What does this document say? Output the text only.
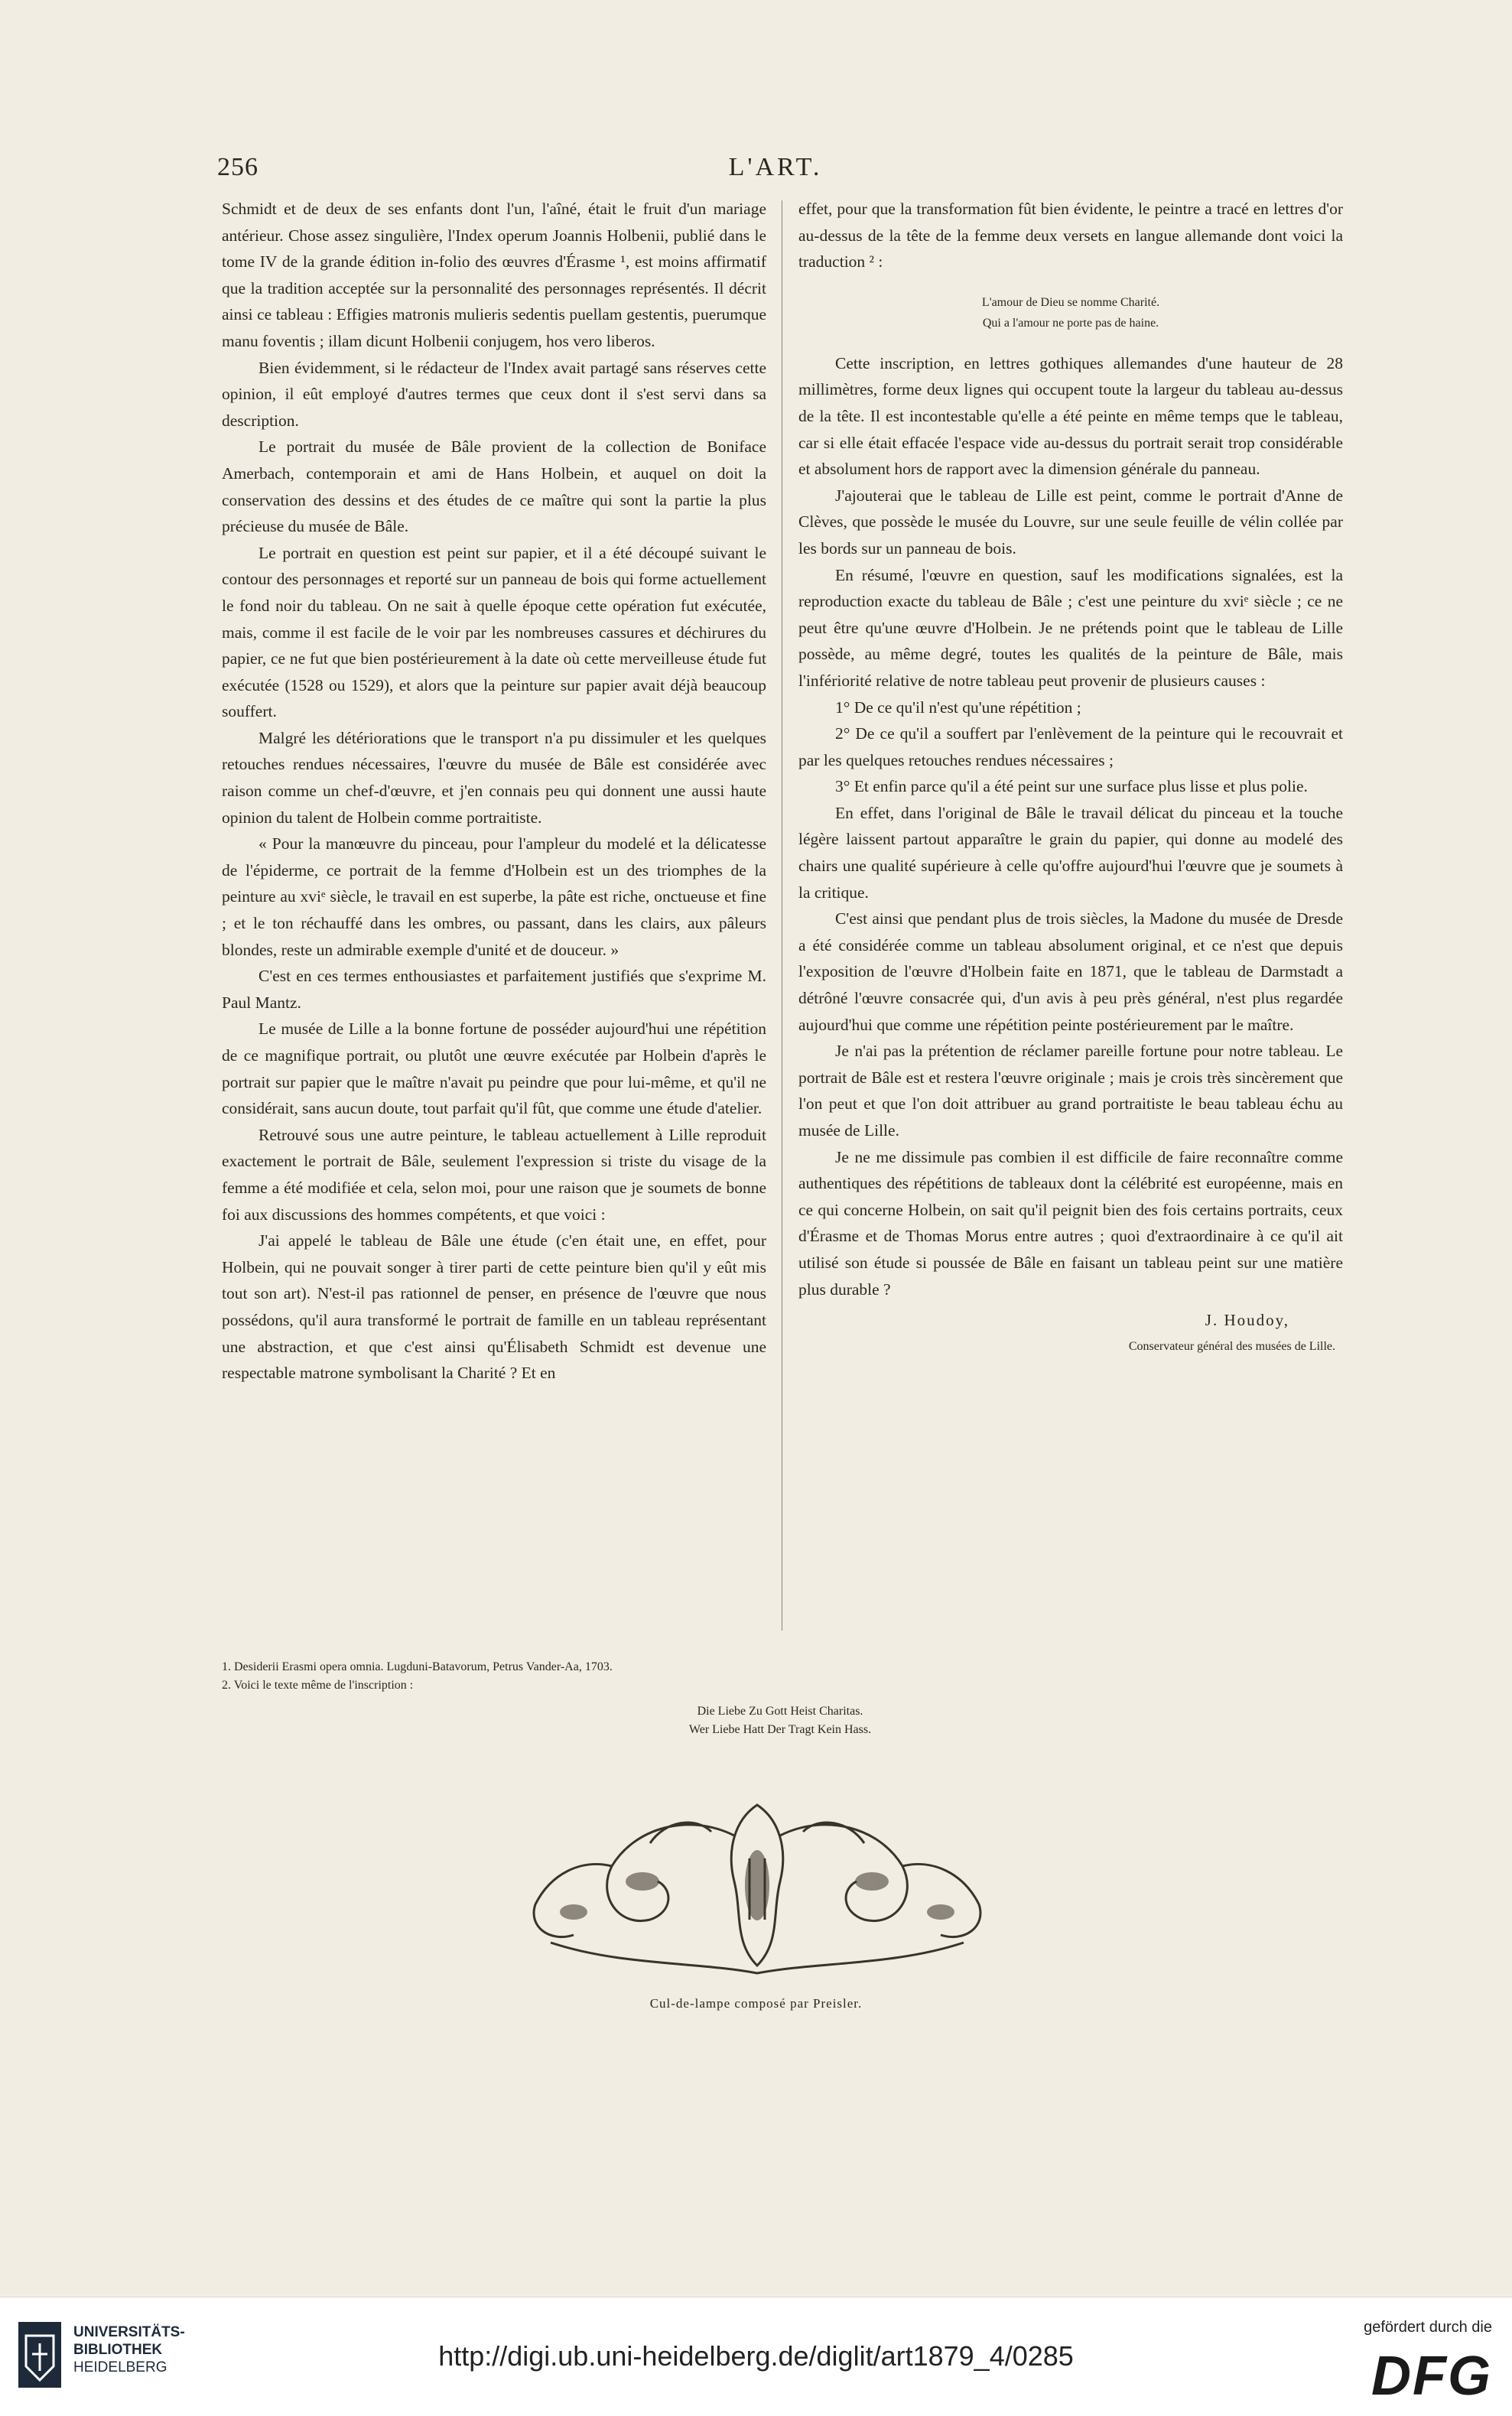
256	L'ART.

Schmidt et de deux de ses enfants dont l'un, l'aîné, était le fruit d'un mariage antérieur. Chose assez singulière, l'Index operum Joannis Holbenii, publié dans le tome IV de la grande édition in-folio des œuvres d'Érasme ¹, est moins affirmatif que la tradition acceptée sur la personnalité des personnages représentés. Il décrit ainsi ce tableau : Effigies matronis mulieris sedentis puellam gestentis, puerumque manu foventis ; illam dicunt Holbenii conjugem, hos vero liberos.

Bien évidemment, si le rédacteur de l'Index avait partagé sans réserves cette opinion, il eût employé d'autres termes que ceux dont il s'est servi dans sa description.

Le portrait du musée de Bâle provient de la collection de Boniface Amerbach, contemporain et ami de Hans Holbein, et auquel on doit la conservation des dessins et des études de ce maître qui sont la partie la plus précieuse du musée de Bâle.

Le portrait en question est peint sur papier, et il a été découpé suivant le contour des personnages et reporté sur un panneau de bois qui forme actuellement le fond noir du tableau. On ne sait à quelle époque cette opération fut exécutée, mais, comme il est facile de le voir par les nombreuses cassures et déchirures du papier, ce ne fut que bien postérieurement à la date où cette merveilleuse étude fut exécutée (1528 ou 1529), et alors que la peinture sur papier avait déjà beaucoup souffert.

Malgré les détériorations que le transport n'a pu dissimuler et les quelques retouches rendues nécessaires, l'œuvre du musée de Bâle est considérée avec raison comme un chef-d'œuvre, et j'en connais peu qui donnent une aussi haute opinion du talent de Holbein comme portraitiste.

« Pour la manœuvre du pinceau, pour l'ampleur du modelé et la délicatesse de l'épiderme, ce portrait de la femme d'Holbein est un des triomphes de la peinture au xviᵉ siècle, le travail en est superbe, la pâte est riche, onctueuse et fine ; et le ton réchauffé dans les ombres, ou passant, dans les clairs, aux pâleurs blondes, reste un admirable exemple d'unité et de douceur. »

C'est en ces termes enthousiastes et parfaitement justifiés que s'exprime M. Paul Mantz.

Le musée de Lille a la bonne fortune de posséder aujourd'hui une répétition de ce magnifique portrait, ou plutôt une œuvre exécutée par Holbein d'après le portrait sur papier que le maître n'avait pu peindre que pour lui-même, et qu'il ne considérait, sans aucun doute, tout parfait qu'il fût, que comme une étude d'atelier.

Retrouvé sous une autre peinture, le tableau actuellement à Lille reproduit exactement le portrait de Bâle, seulement l'expression si triste du visage de la femme a été modifiée et cela, selon moi, pour une raison que je soumets de bonne foi aux discussions des hommes compétents, et que voici :

J'ai appelé le tableau de Bâle une étude (c'en était une, en effet, pour Holbein, qui ne pouvait songer à tirer parti de cette peinture bien qu'il y eût mis tout son art). N'est-il pas rationnel de penser, en présence de l'œuvre que nous possédons, qu'il aura transformé le portrait de famille en un tableau représentant une abstraction, et que c'est ainsi qu'Élisabeth Schmidt est devenue une respectable matrone symbolisant la Charité ? Et en

effet, pour que la transformation fût bien évidente, le peintre a tracé en lettres d'or au-dessus de la tête de la femme deux versets en langue allemande dont voici la traduction ² :

L'amour de Dieu se nomme Charité.
Qui a l'amour ne porte pas de haine.

Cette inscription, en lettres gothiques allemandes d'une hauteur de 28 millimètres, forme deux lignes qui occupent toute la largeur du tableau au-dessus de la tête. Il est incontestable qu'elle a été peinte en même temps que le tableau, car si elle était effacée l'espace vide au-dessus du portrait serait trop considérable et absolument hors de rapport avec la dimension générale du panneau.

J'ajouterai que le tableau de Lille est peint, comme le portrait d'Anne de Clèves, que possède le musée du Louvre, sur une seule feuille de vélin collée par les bords sur un panneau de bois.

En résumé, l'œuvre en question, sauf les modifications signalées, est la reproduction exacte du tableau de Bâle ; c'est une peinture du xviᵉ siècle ; ce ne peut être qu'une œuvre d'Holbein. Je ne prétends point que le tableau de Lille possède, au même degré, toutes les qualités de la peinture de Bâle, mais l'infériorité relative de notre tableau peut provenir de plusieurs causes :

1° De ce qu'il n'est qu'une répétition ;

2° De ce qu'il a souffert par l'enlèvement de la peinture qui le recouvrait et par les quelques retouches rendues nécessaires ;

3° Et enfin parce qu'il a été peint sur une surface plus lisse et plus polie.

En effet, dans l'original de Bâle le travail délicat du pinceau et la touche légère laissent partout apparaître le grain du papier, qui donne au modelé des chairs une qualité supérieure à celle qu'offre aujourd'hui l'œuvre que je soumets à la critique.

C'est ainsi que pendant plus de trois siècles, la Madone du musée de Dresde a été considérée comme un tableau absolument original, et ce n'est que depuis l'exposition de l'œuvre d'Holbein faite en 1871, que le tableau de Darmstadt a détrôné l'œuvre consacrée qui, d'un avis à peu près général, n'est plus regardée aujourd'hui que comme une répétition peinte postérieurement par le maître.

Je n'ai pas la prétention de réclamer pareille fortune pour notre tableau. Le portrait de Bâle est et restera l'œuvre originale ; mais je crois très sincèrement que l'on peut et que l'on doit attribuer au grand portraitiste le beau tableau échu au musée de Lille.

Je ne me dissimule pas combien il est difficile de faire reconnaître comme authentiques des répétitions de tableaux dont la célébrité est européenne, mais en ce qui concerne Holbein, on sait qu'il peignit bien des fois certains portraits, ceux d'Érasme et de Thomas Morus entre autres ; quoi d'extraordinaire à ce qu'il ait utilisé son étude si poussée de Bâle en faisant un tableau peint sur une matière plus durable ?

J. Houdoy,
Conservateur général des musées de Lille.
1. Desiderii Erasmi opera omnia. Lugduni-Batavorum, Petrus Vander-Aa, 1703.
2. Voici le texte même de l'inscription :
Die Liebe Zu Gott Heist Charitas.
Wer Liebe Hatt Der Tragt Kein Hass.
Cul-de-lampe composé par Preisler.
UNIVERSITÄTS-
BIBLIOTHEK
HEIDELBERG	http://digi.ub.uni-heidelberg.de/diglit/art1879_4/0285
gefördert durch die
DFG
